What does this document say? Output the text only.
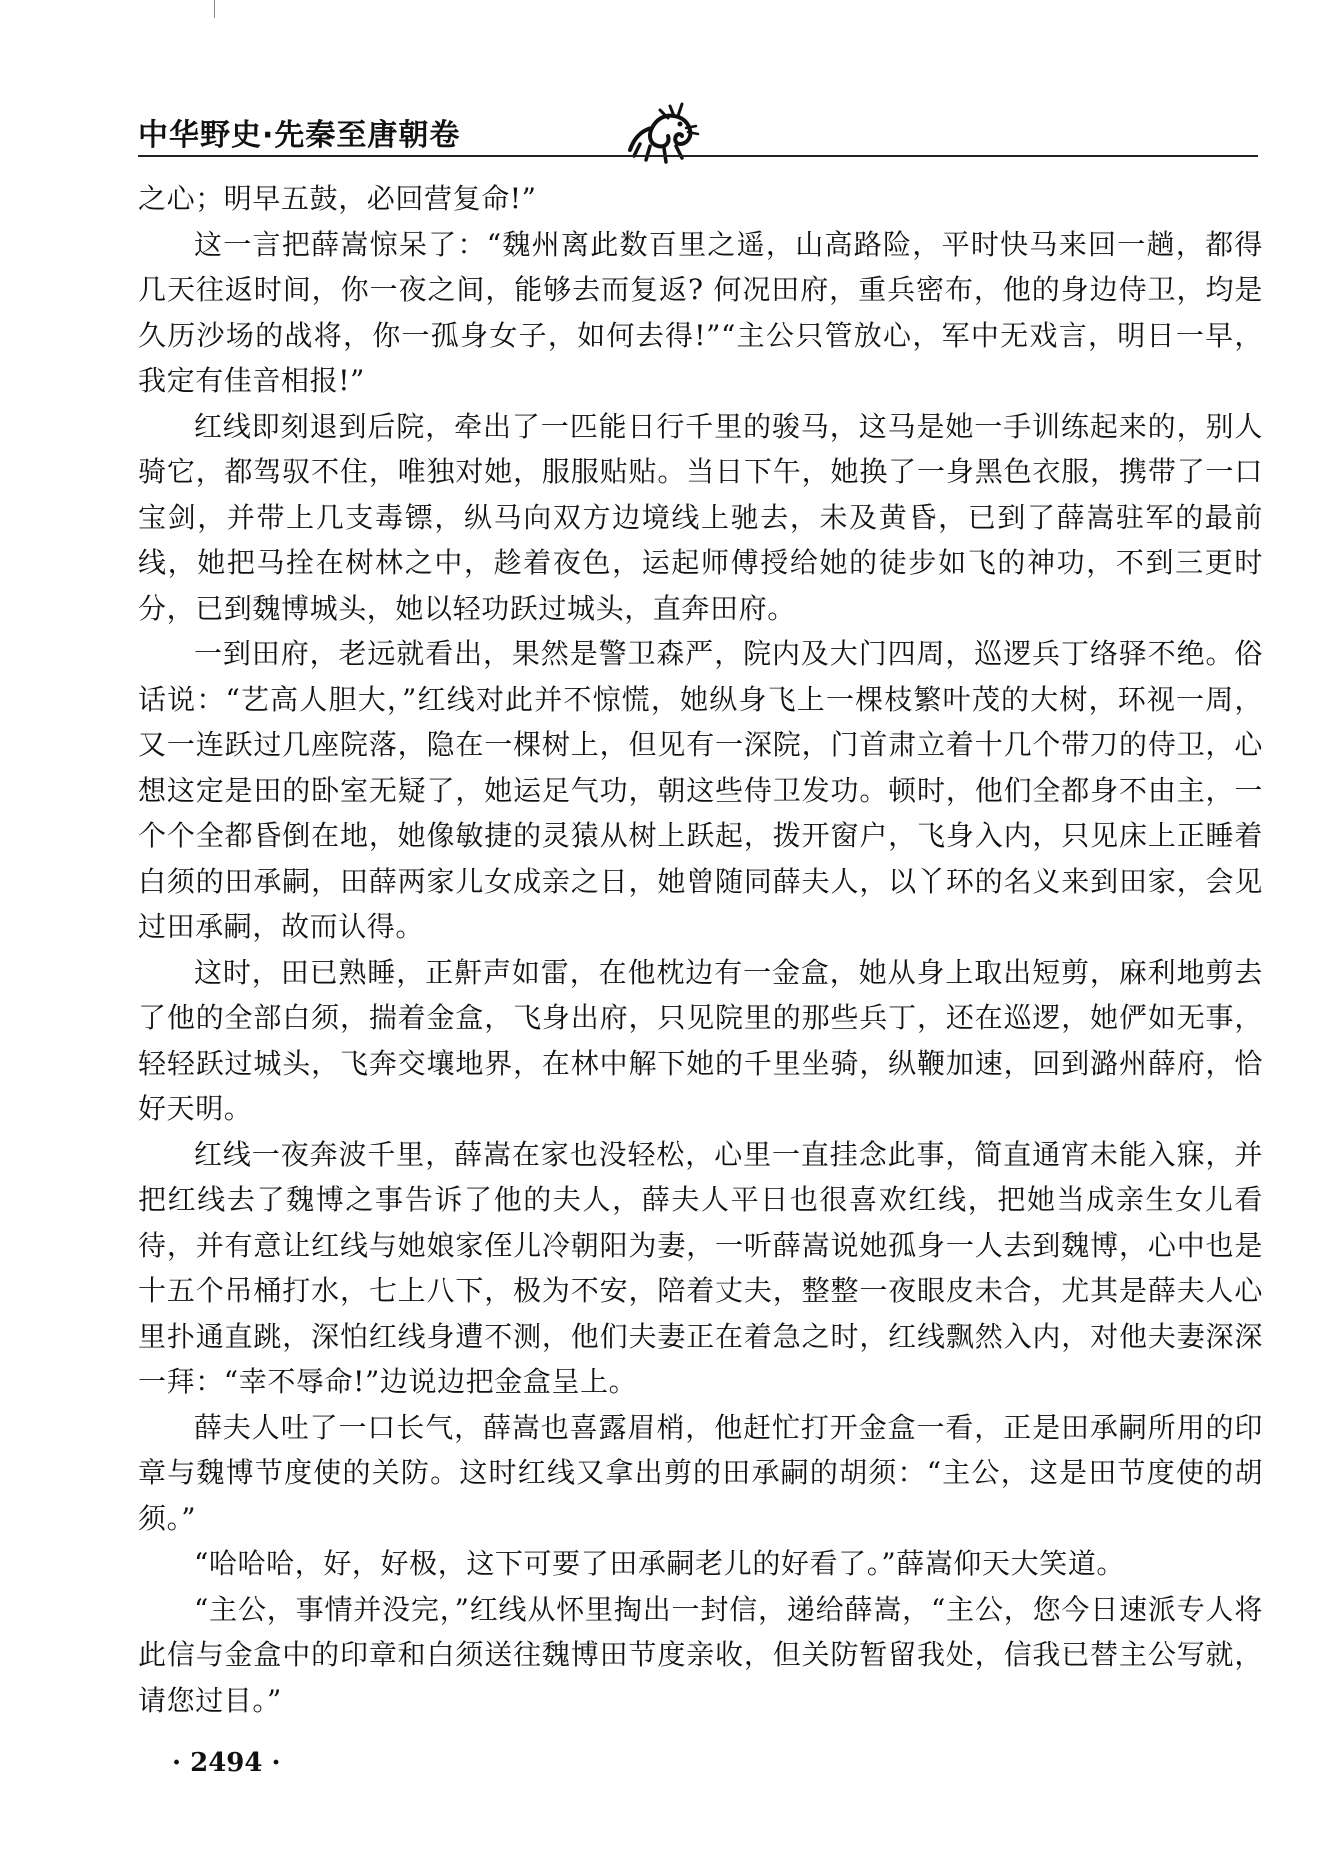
中华野史·先秦至唐朝卷

之心；明早五鼓，必回营复命!”

这一言把薛嵩惊呆了：“魏州离此数百里之遥，山高路险，平时快马来回一趟，都得几天往返时间，你一夜之间，能够去而复返? 何况田府，重兵密布，他的身边侍卫，均是久历沙场的战将，你一孤身女子，如何去得!”“主公只管放心，军中无戏言，明日一早，我定有佳音相报!”

红线即刻退到后院，牵出了一匹能日行千里的骏马，这马是她一手训练起来的，别人骑它，都驾驭不住，唯独对她，服服贴贴。当日下午，她换了一身黑色衣服，携带了一口宝剑，并带上几支毒镖，纵马向双方边境线上驰去，未及黄昏，已到了薛嵩驻军的最前线，她把马拴在树林之中，趁着夜色，运起师傅授给她的徒步如飞的神功，不到三更时分，已到魏博城头，她以轻功跃过城头，直奔田府。

一到田府，老远就看出，果然是警卫森严，院内及大门四周，巡逻兵丁络驿不绝。俗话说：“艺高人胆大，”红线对此并不惊慌，她纵身飞上一棵枝繁叶茂的大树，环视一周，又一连跃过几座院落，隐在一棵树上，但见有一深院，门首肃立着十几个带刀的侍卫，心想这定是田的卧室无疑了，她运足气功，朝这些侍卫发功。顿时，他们全都身不由主，一个个全都昏倒在地，她像敏捷的灵猿从树上跃起，拨开窗户，飞身入内，只见床上正睡着白须的田承嗣，田薛两家儿女成亲之日，她曾随同薛夫人，以丫环的名义来到田家，会见过田承嗣，故而认得。

这时，田已熟睡，正鼾声如雷，在他枕边有一金盒，她从身上取出短剪，麻利地剪去了他的全部白须，揣着金盒，飞身出府，只见院里的那些兵丁，还在巡逻，她俨如无事，轻轻跃过城头，飞奔交壤地界，在林中解下她的千里坐骑，纵鞭加速，回到潞州薛府，恰好天明。

红线一夜奔波千里，薛嵩在家也没轻松，心里一直挂念此事，简直通宵未能入寐，并把红线去了魏博之事告诉了他的夫人，薛夫人平日也很喜欢红线，把她当成亲生女儿看待，并有意让红线与她娘家侄儿冷朝阳为妻，一听薛嵩说她孤身一人去到魏博，心中也是十五个吊桶打水，七上八下，极为不安，陪着丈夫，整整一夜眼皮未合，尤其是薛夫人心里扑通直跳，深怕红线身遭不测，他们夫妻正在着急之时，红线飘然入内，对他夫妻深深一拜：“幸不辱命!”边说边把金盒呈上。

薛夫人吐了一口长气，薛嵩也喜露眉梢，他赶忙打开金盒一看，正是田承嗣所用的印章与魏博节度使的关防。这时红线又拿出剪的田承嗣的胡须：“主公，这是田节度使的胡须。”

“哈哈哈，好，好极，这下可要了田承嗣老儿的好看了。”薛嵩仰天大笑道。

“主公，事情并没完，”红线从怀里掏出一封信，递给薛嵩，“主公，您今日速派专人将此信与金盒中的印章和白须送往魏博田节度亲收，但关防暂留我处，信我已替主公写就，请您过目。”

· 2494 ·
